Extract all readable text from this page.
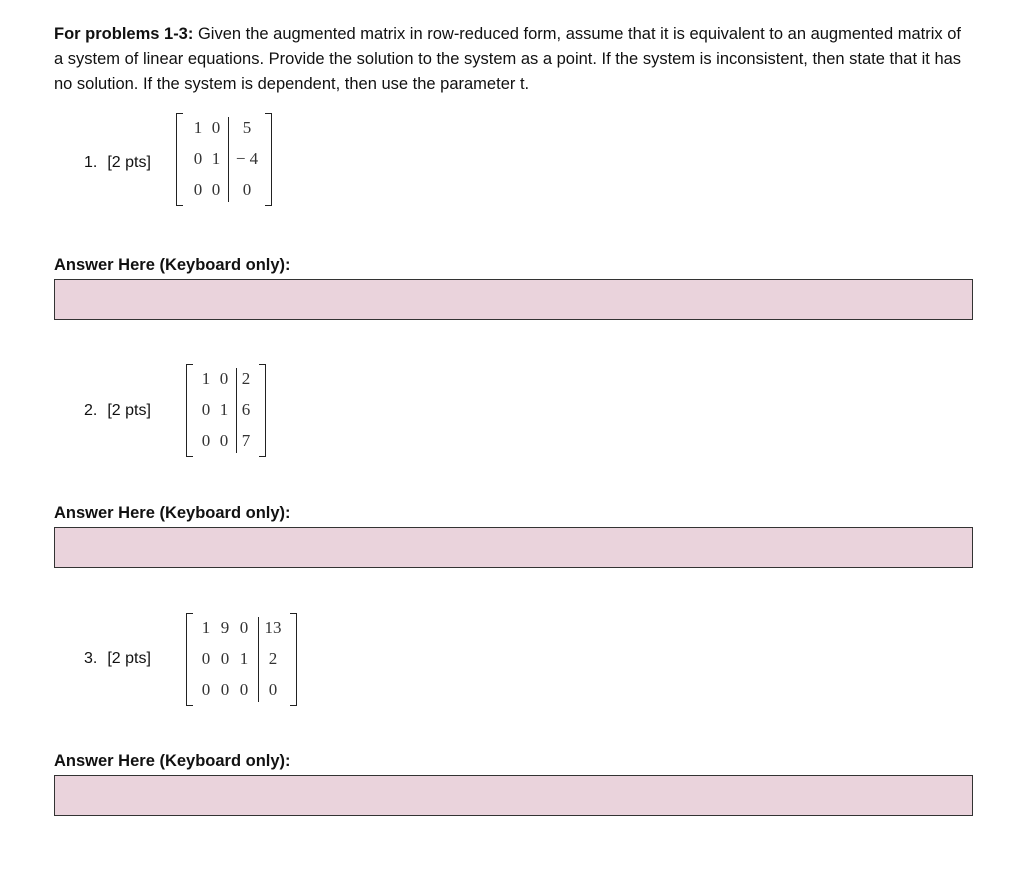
For problems 1-3: Given the augmented matrix in row-reduced form, assume that it is equivalent to an augmented matrix of a system of linear equations. Provide the solution to the system as a point. If the system is inconsistent, then state that it has no solution. If the system is dependent, then use the parameter t.
1. [2 pts]
1 0	5
0 1 − 4
0 0	0
Answer Here (Keyboard only):
2. [2 pts]
1 0 2
0 1 6
0 0 7
Answer Here (Keyboard only):
3. [2 pts]
1 9 0 13
0 0 1	2
0 0 0	0
Answer Here (Keyboard only):
